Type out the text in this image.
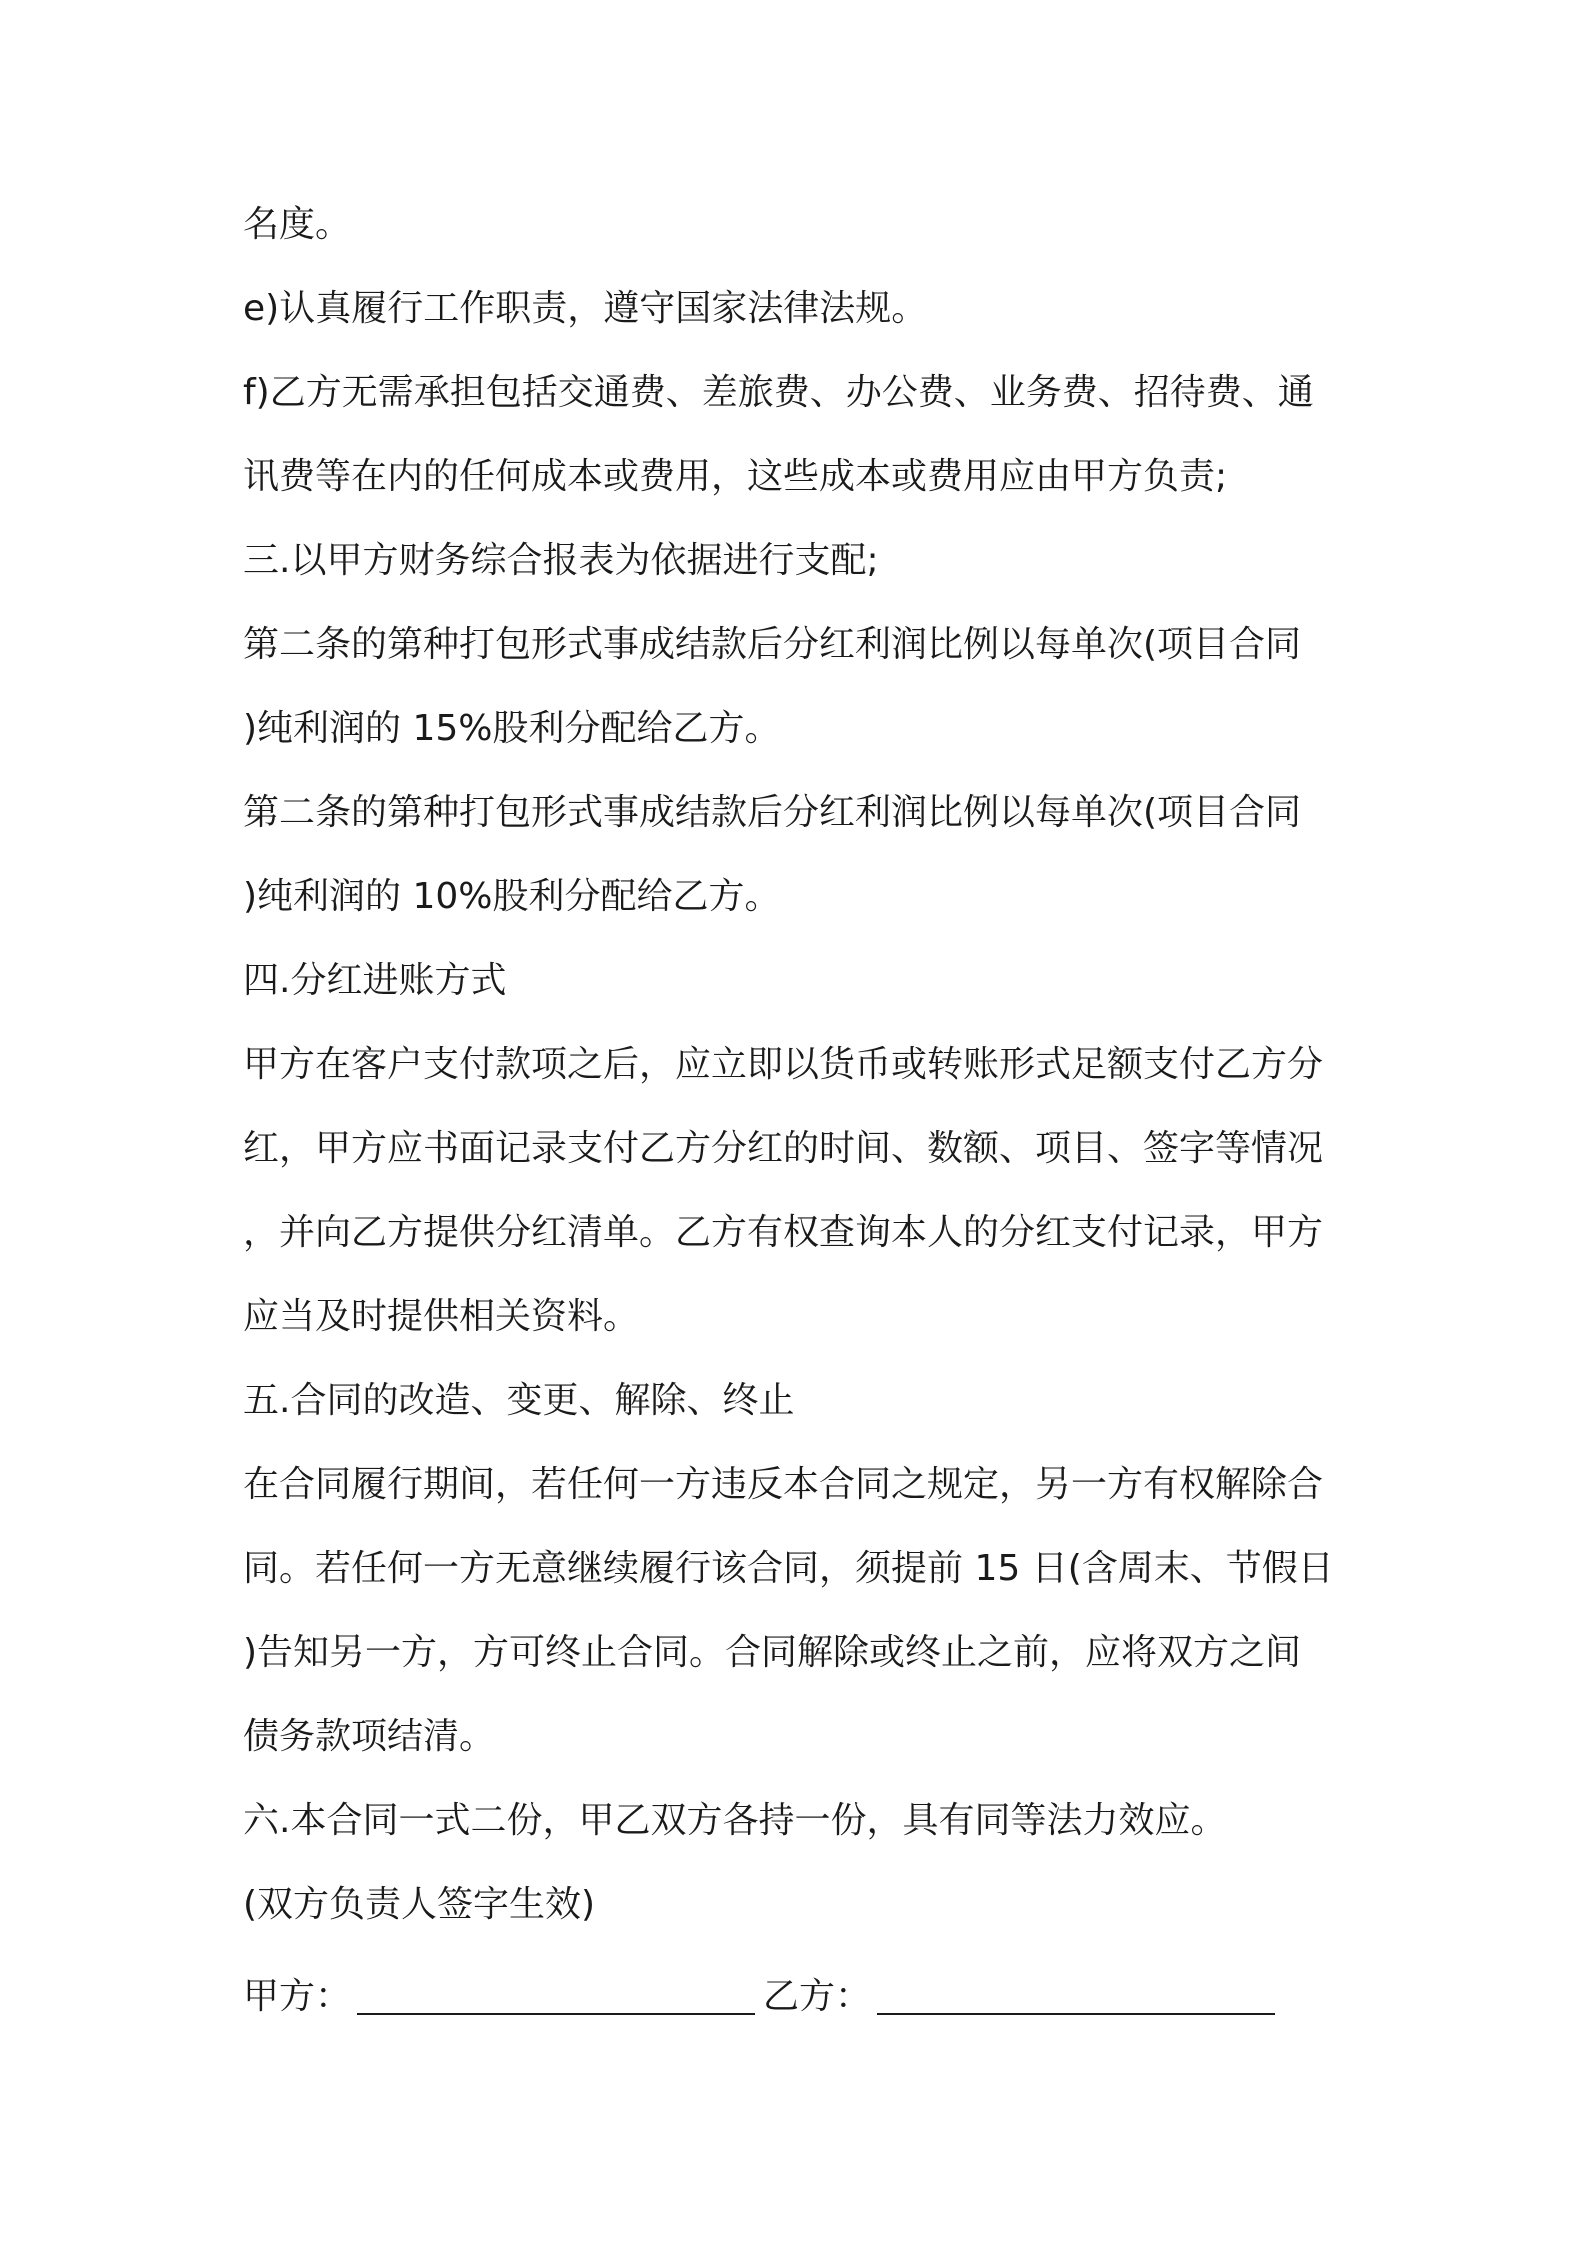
名度。
e)认真履行工作职责，遵守国家法律法规。
f)乙方无需承担包括交通费、差旅费、办公费、业务费、招待费、通
讯费等在内的任何成本或费用，这些成本或费用应由甲方负责;
三.以甲方财务综合报表为依据进行支配;
第二条的第种打包形式事成结款后分红利润比例以每单次(项目合同
)纯利润的 15%股利分配给乙方。
第二条的第种打包形式事成结款后分红利润比例以每单次(项目合同
)纯利润的 10%股利分配给乙方。
四.分红进账方式
甲方在客户支付款项之后，应立即以货币或转账形式足额支付乙方分
红，甲方应书面记录支付乙方分红的时间、数额、项目、签字等情况
，并向乙方提供分红清单。乙方有权查询本人的分红支付记录，甲方
应当及时提供相关资料。
五.合同的改造、变更、解除、终止
在合同履行期间，若任何一方违反本合同之规定，另一方有权解除合
同。若任何一方无意继续履行该合同，须提前 15 日(含周末、节假日
)告知另一方，方可终止合同。合同解除或终止之前，应将双方之间
债务款项结清。
六.本合同一式二份，甲乙双方各持一份，具有同等法力效应。
(双方负责人签字生效)
甲方：	乙方：
